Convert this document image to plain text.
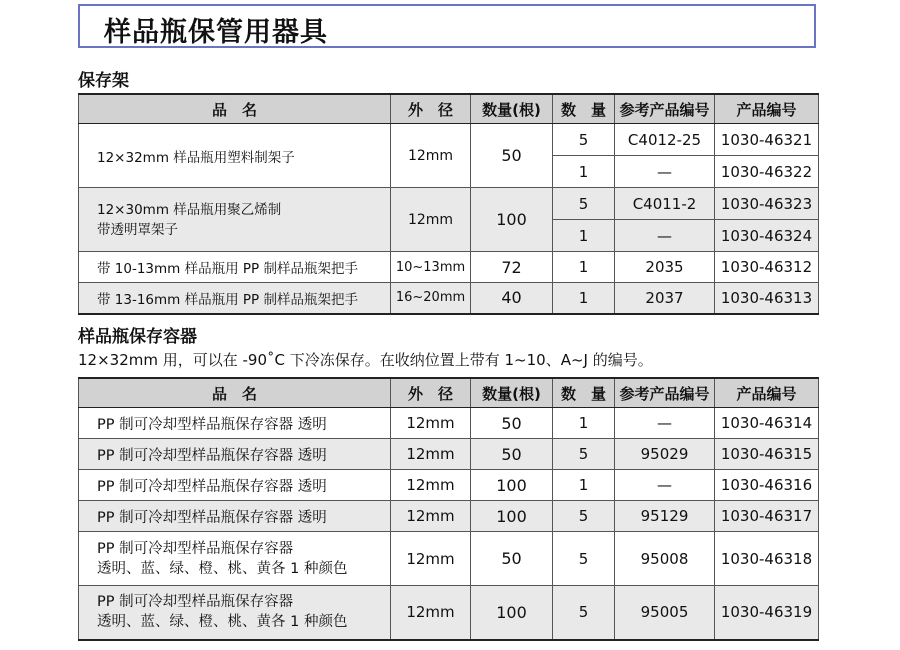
样品瓶保管用器具
保存架
品　名	外　径	数量(根)	数　量	参考产品编号	产品编号
12×32mm 样品瓶用塑料制架子	12mm	50	5	C4012-25	1030-46321
			1	—	1030-46322

12×30mm 样品瓶用聚乙烯制
带透明罩架子	12mm	100	5	C4011-2	1030-46323
			1	—	1030-46324
带 10-13mm 样品瓶用 PP 制样品瓶架把手	10~13mm	72	1	2035	1030-46312
带 13-16mm 样品瓶用 PP 制样品瓶架把手	16~20mm	40	1	2037	1030-46313
样品瓶保存容器
12×32mm 用，可以在 -90˚C 下冷冻保存。在收纳位置上带有 1~10、A~J 的编号。
品　名	外　径	数量(根)	数　量	参考产品编号	产品编号
PP 制可冷却型样品瓶保存容器 透明	12mm	50	1	—	1030-46314
PP 制可冷却型样品瓶保存容器 透明	12mm	50	5	95029	1030-46315
PP 制可冷却型样品瓶保存容器 透明	12mm	100	1	—	1030-46316
PP 制可冷却型样品瓶保存容器 透明	12mm	100	5	95129	1030-46317

PP 制可冷却型样品瓶保存容器
透明、蓝、绿、橙、桃、黄各 1 种颜色	12mm	50	5	95008	1030-46318

PP 制可冷却型样品瓶保存容器
透明、蓝、绿、橙、桃、黄各 1 种颜色	12mm	100	5	95005	1030-46319
